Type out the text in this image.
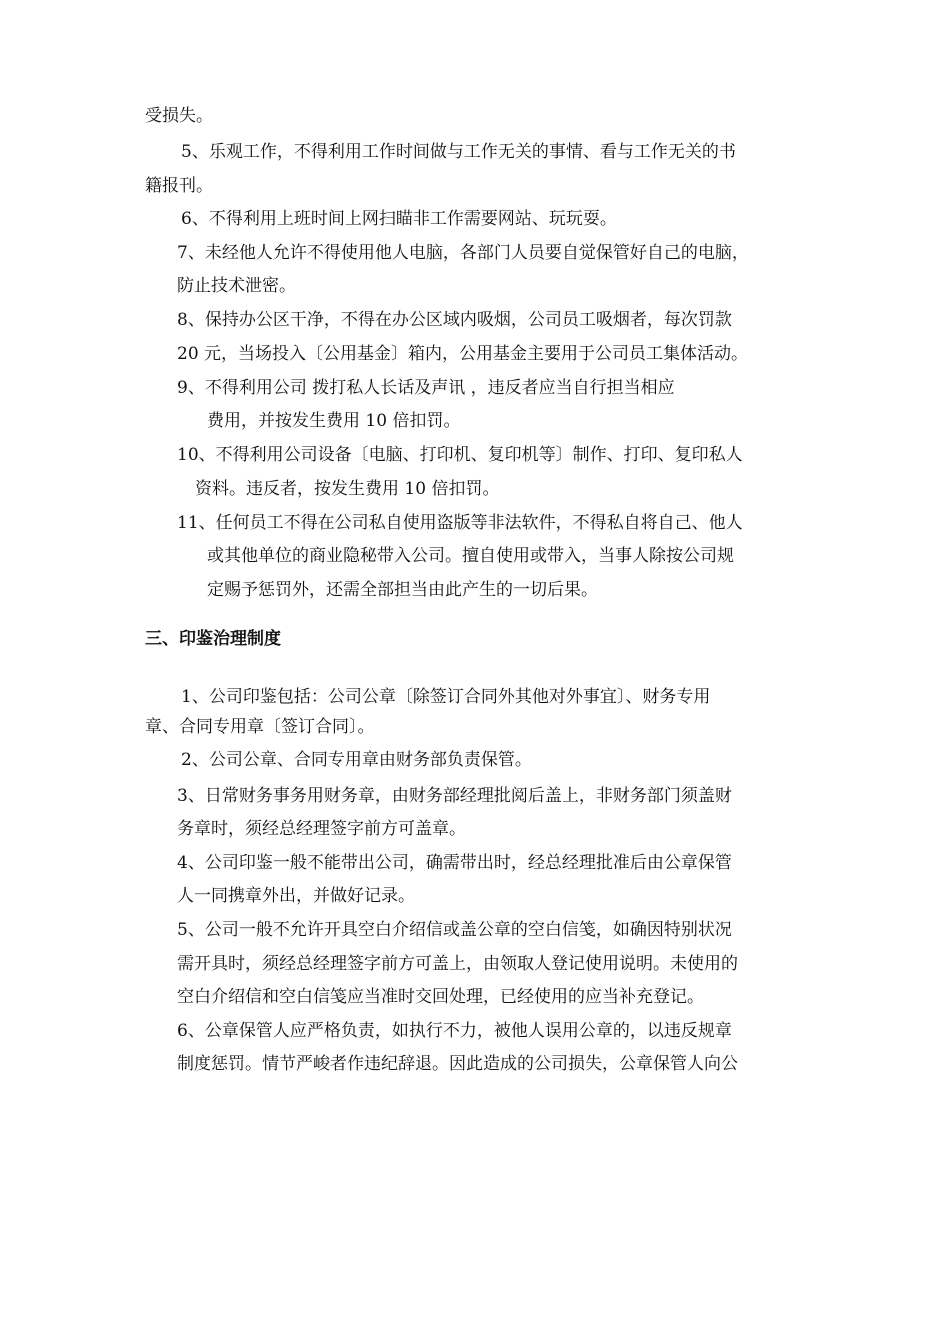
受损失。
5、乐观工作，不得利用工作时间做与工作无关的事情、看与工作无关的书
籍报刊。
6、不得利用上班时间上网扫瞄非工作需要网站、玩玩耍。
7、未经他人允许不得使用他人电脑，各部门人员要自觉保管好自己的电脑，
防止技术泄密。
8、保持办公区干净，不得在办公区域内吸烟，公司员工吸烟者，每次罚款
20 元，当场投入〔公用基金〕箱内，公用基金主要用于公司员工集体活动。
9、不得利用公司 拨打私人长话及声讯 ，违反者应当自行担当相应
费用，并按发生费用 10 倍扣罚。
10、不得利用公司设备〔电脑、打印机、复印机等〕制作、打印、复印私人
资料。违反者，按发生费用 10 倍扣罚。
11、任何员工不得在公司私自使用盗版等非法软件，不得私自将自己、他人
或其他单位的商业隐秘带入公司。擅自使用或带入，当事人除按公司规
定赐予惩罚外，还需全部担当由此产生的一切后果。
三、印鉴治理制度
1、公司印鉴包括：公司公章〔除签订合同外其他对外事宜〕、财务专用
章、合同专用章〔签订合同〕。
2、公司公章、合同专用章由财务部负责保管。
3、日常财务事务用财务章，由财务部经理批阅后盖上，非财务部门须盖财
务章时，须经总经理签字前方可盖章。
4、公司印鉴一般不能带出公司，确需带出时，经总经理批准后由公章保管
人一同携章外出，并做好记录。
5、公司一般不允许开具空白介绍信或盖公章的空白信笺，如确因特别状况
需开具时，须经总经理签字前方可盖上，由领取人登记使用说明。未使用的
空白介绍信和空白信笺应当准时交回处理，已经使用的应当补充登记。
6、公章保管人应严格负责，如执行不力，被他人误用公章的，以违反规章
制度惩罚。情节严峻者作违纪辞退。因此造成的公司损失，公章保管人向公
